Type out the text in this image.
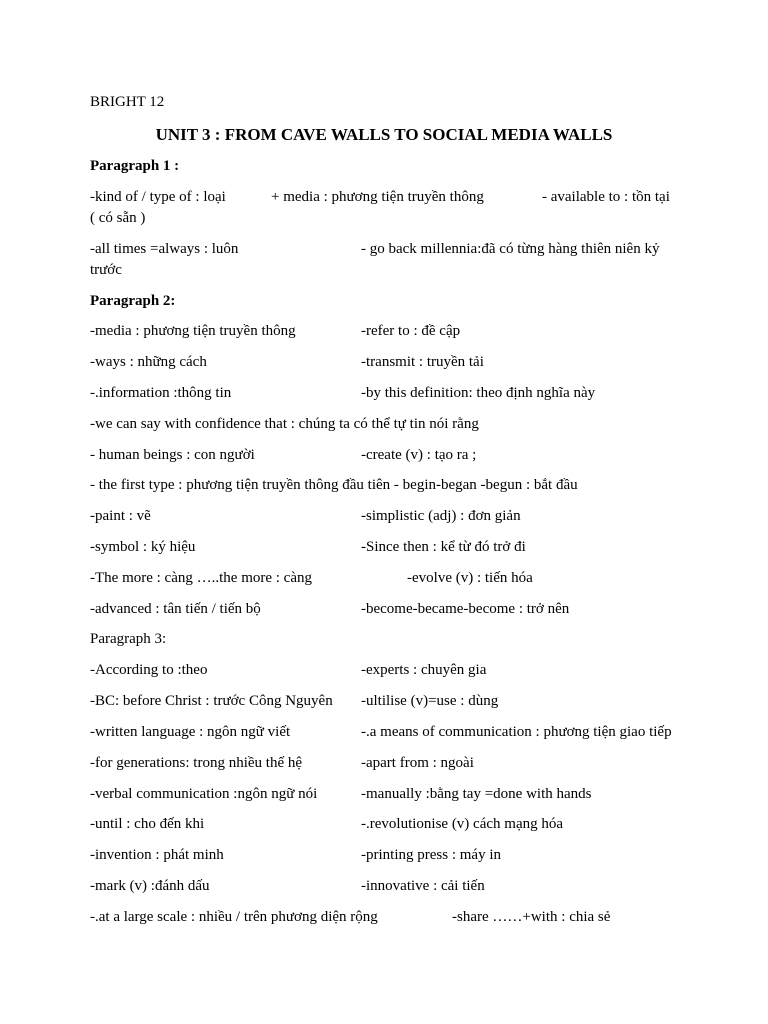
BRIGHT 12
UNIT 3 : FROM CAVE WALLS TO SOCIAL MEDIA WALLS
Paragraph 1 :
-kind of / type of : loại	+ media : phương tiện truyền thông	- available to : tồn tại
( có sẵn )
-all times =always : luôn	- go back millennia:đã có từng hàng thiên niên kỷ
trước
Paragraph 2:
-media : phương tiện truyền thông	-refer to : đề cập
-ways : những cách	-transmit : truyền tải
-.information :thông tin	-by this definition: theo định nghĩa này
-we can say with confidence that : chúng ta có thể tự tin nói rằng
- human beings : con người	-create (v) : tạo ra ;
- the first type : phương tiện truyền thông đầu tiên - begin-began -begun : bắt đầu
-paint : vẽ	-simplistic (adj) : đơn giản
-symbol : ký hiệu	-Since then : kể từ đó trở đi
-The more : càng …..the more : càng	-evolve (v) : tiến hóa
-advanced : tân tiến / tiến bộ	-become-became-become : trở nên
Paragraph 3:
-According to :theo	-experts : chuyên gia
-BC: before Christ : trước Công Nguyên -ultilise (v)=use : dùng
-written language : ngôn ngữ viết	-.a means of communication : phương tiện giao tiếp
-for generations: trong nhiều thế hệ	-apart from : ngoài
-verbal communication :ngôn ngữ nói	-manually :bằng tay =done with hands
-until : cho đến khi	-.revolutionise (v) cách mạng hóa
-invention : phát minh	-printing press : máy in
-mark (v) :đánh dấu	-innovative : cải tiến
-.at a large scale : nhiều / trên phương diện rộng	-share ……+with : chia sẻ
